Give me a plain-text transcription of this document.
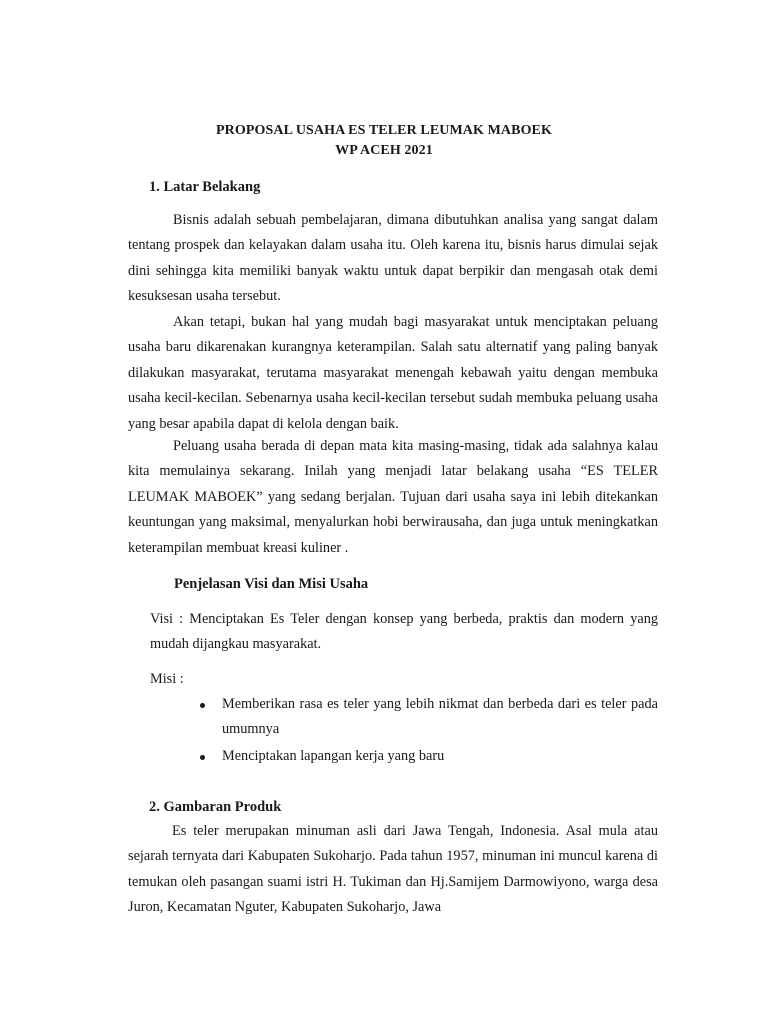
PROPOSAL USAHA ES TELER LEUMAK MABOEK
WP ACEH 2021
1. Latar Belakang
Bisnis adalah sebuah pembelajaran, dimana dibutuhkan analisa yang sangat dalam tentang prospek dan kelayakan dalam usaha itu. Oleh karena itu, bisnis harus dimulai sejak dini sehingga kita memiliki banyak waktu untuk dapat berpikir dan mengasah otak demi kesuksesan usaha tersebut.
Akan tetapi, bukan hal yang mudah bagi masyarakat untuk menciptakan peluang usaha baru dikarenakan kurangnya keterampilan. Salah satu alternatif yang paling banyak dilakukan masyarakat, terutama masyarakat menengah kebawah yaitu dengan membuka usaha kecil-kecilan. Sebenarnya usaha kecil-kecilan tersebut sudah membuka peluang usaha yang besar apabila dapat di kelola dengan baik.
Peluang usaha berada di depan mata kita masing-masing, tidak ada salahnya kalau kita memulainya sekarang. Inilah yang menjadi latar belakang usaha “ES TELER LEUMAK MABOEK” yang sedang berjalan. Tujuan dari usaha saya ini lebih ditekankan keuntungan yang maksimal, menyalurkan hobi berwirausaha, dan juga untuk meningkatkan keterampilan membuat kreasi kuliner .
Penjelasan Visi dan Misi Usaha
Visi : Menciptakan Es Teler dengan konsep yang berbeda, praktis dan modern yang mudah dijangkau masyarakat.
Misi :
Memberikan rasa es teler yang lebih nikmat dan berbeda dari es teler pada umumnya
Menciptakan lapangan kerja yang baru
2. Gambaran Produk
Es teler merupakan minuman asli dari Jawa Tengah, Indonesia. Asal mula atau sejarah ternyata dari Kabupaten Sukoharjo. Pada tahun 1957, minuman ini muncul karena di temukan oleh pasangan suami istri H. Tukiman dan Hj.Samijem Darmowiyono, warga desa Juron, Kecamatan Nguter, Kabupaten Sukoharjo, Jawa
